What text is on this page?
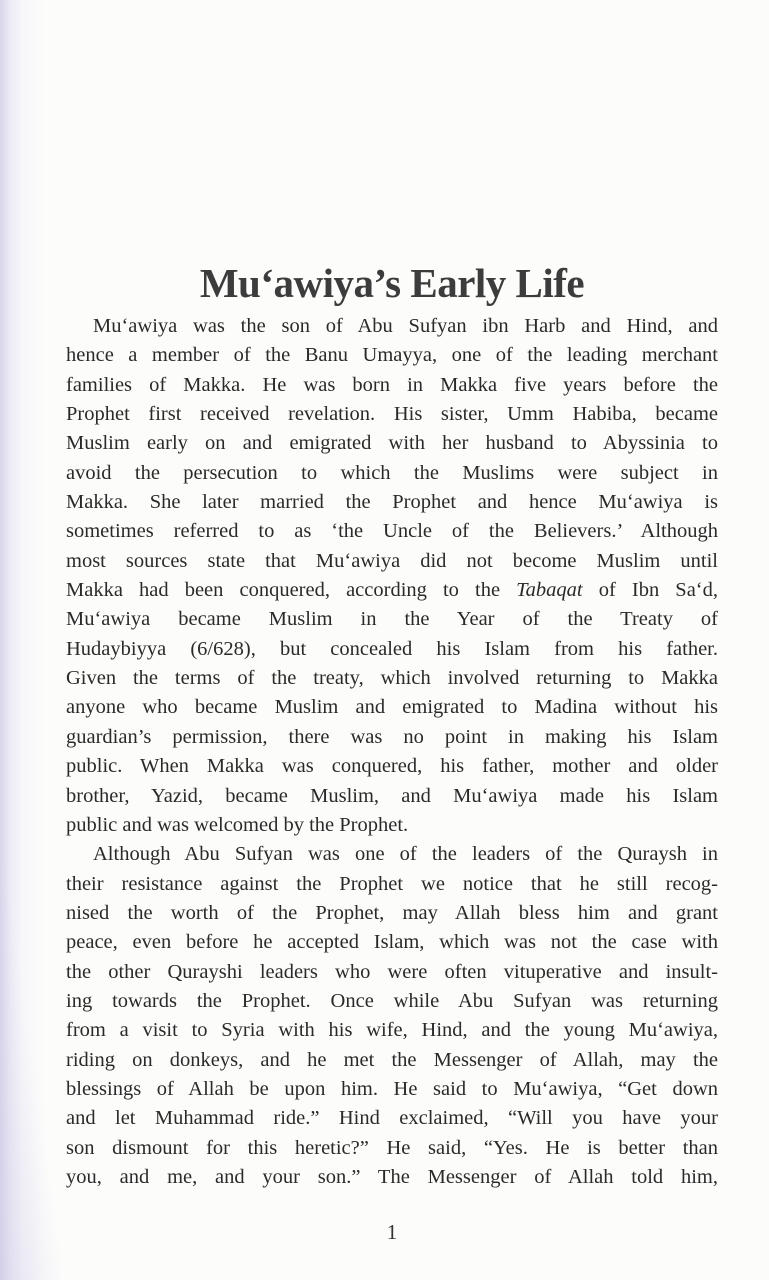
Mu‘awiya’s Early Life
Mu‘awiya was the son of Abu Sufyan ibn Harb and Hind, and
hence a member of the Banu Umayya, one of the leading merchant
families of Makka. He was born in Makka five years before the
Prophet first received revelation. His sister, Umm Habiba, became
Muslim early on and emigrated with her husband to Abyssinia to
avoid the persecution to which the Muslims were subject in
Makka. She later married the Prophet and hence Mu‘awiya is
sometimes referred to as ‘the Uncle of the Believers.’ Although
most sources state that Mu‘awiya did not become Muslim until
Makka had been conquered, according to the Tabaqat of Ibn Sa‘d,
Mu‘awiya became Muslim in the Year of the Treaty of
Hudaybiyya (6/628), but concealed his Islam from his father.
Given the terms of the treaty, which involved returning to Makka
anyone who became Muslim and emigrated to Madina without his
guardian’s permission, there was no point in making his Islam
public. When Makka was conquered, his father, mother and older
brother, Yazid, became Muslim, and Mu‘awiya made his Islam
public and was welcomed by the Prophet.
Although Abu Sufyan was one of the leaders of the Quraysh in
their resistance against the Prophet we notice that he still recog-
nised the worth of the Prophet, may Allah bless him and grant
peace, even before he accepted Islam, which was not the case with
the other Qurayshi leaders who were often vituperative and insult-
ing towards the Prophet. Once while Abu Sufyan was returning
from a visit to Syria with his wife, Hind, and the young Mu‘awiya,
riding on donkeys, and he met the Messenger of Allah, may the
blessings of Allah be upon him. He said to Mu‘awiya, “Get down
and let Muhammad ride.” Hind exclaimed, “Will you have your
son dismount for this heretic?” He said, “Yes. He is better than
you, and me, and your son.” The Messenger of Allah told him,
1
